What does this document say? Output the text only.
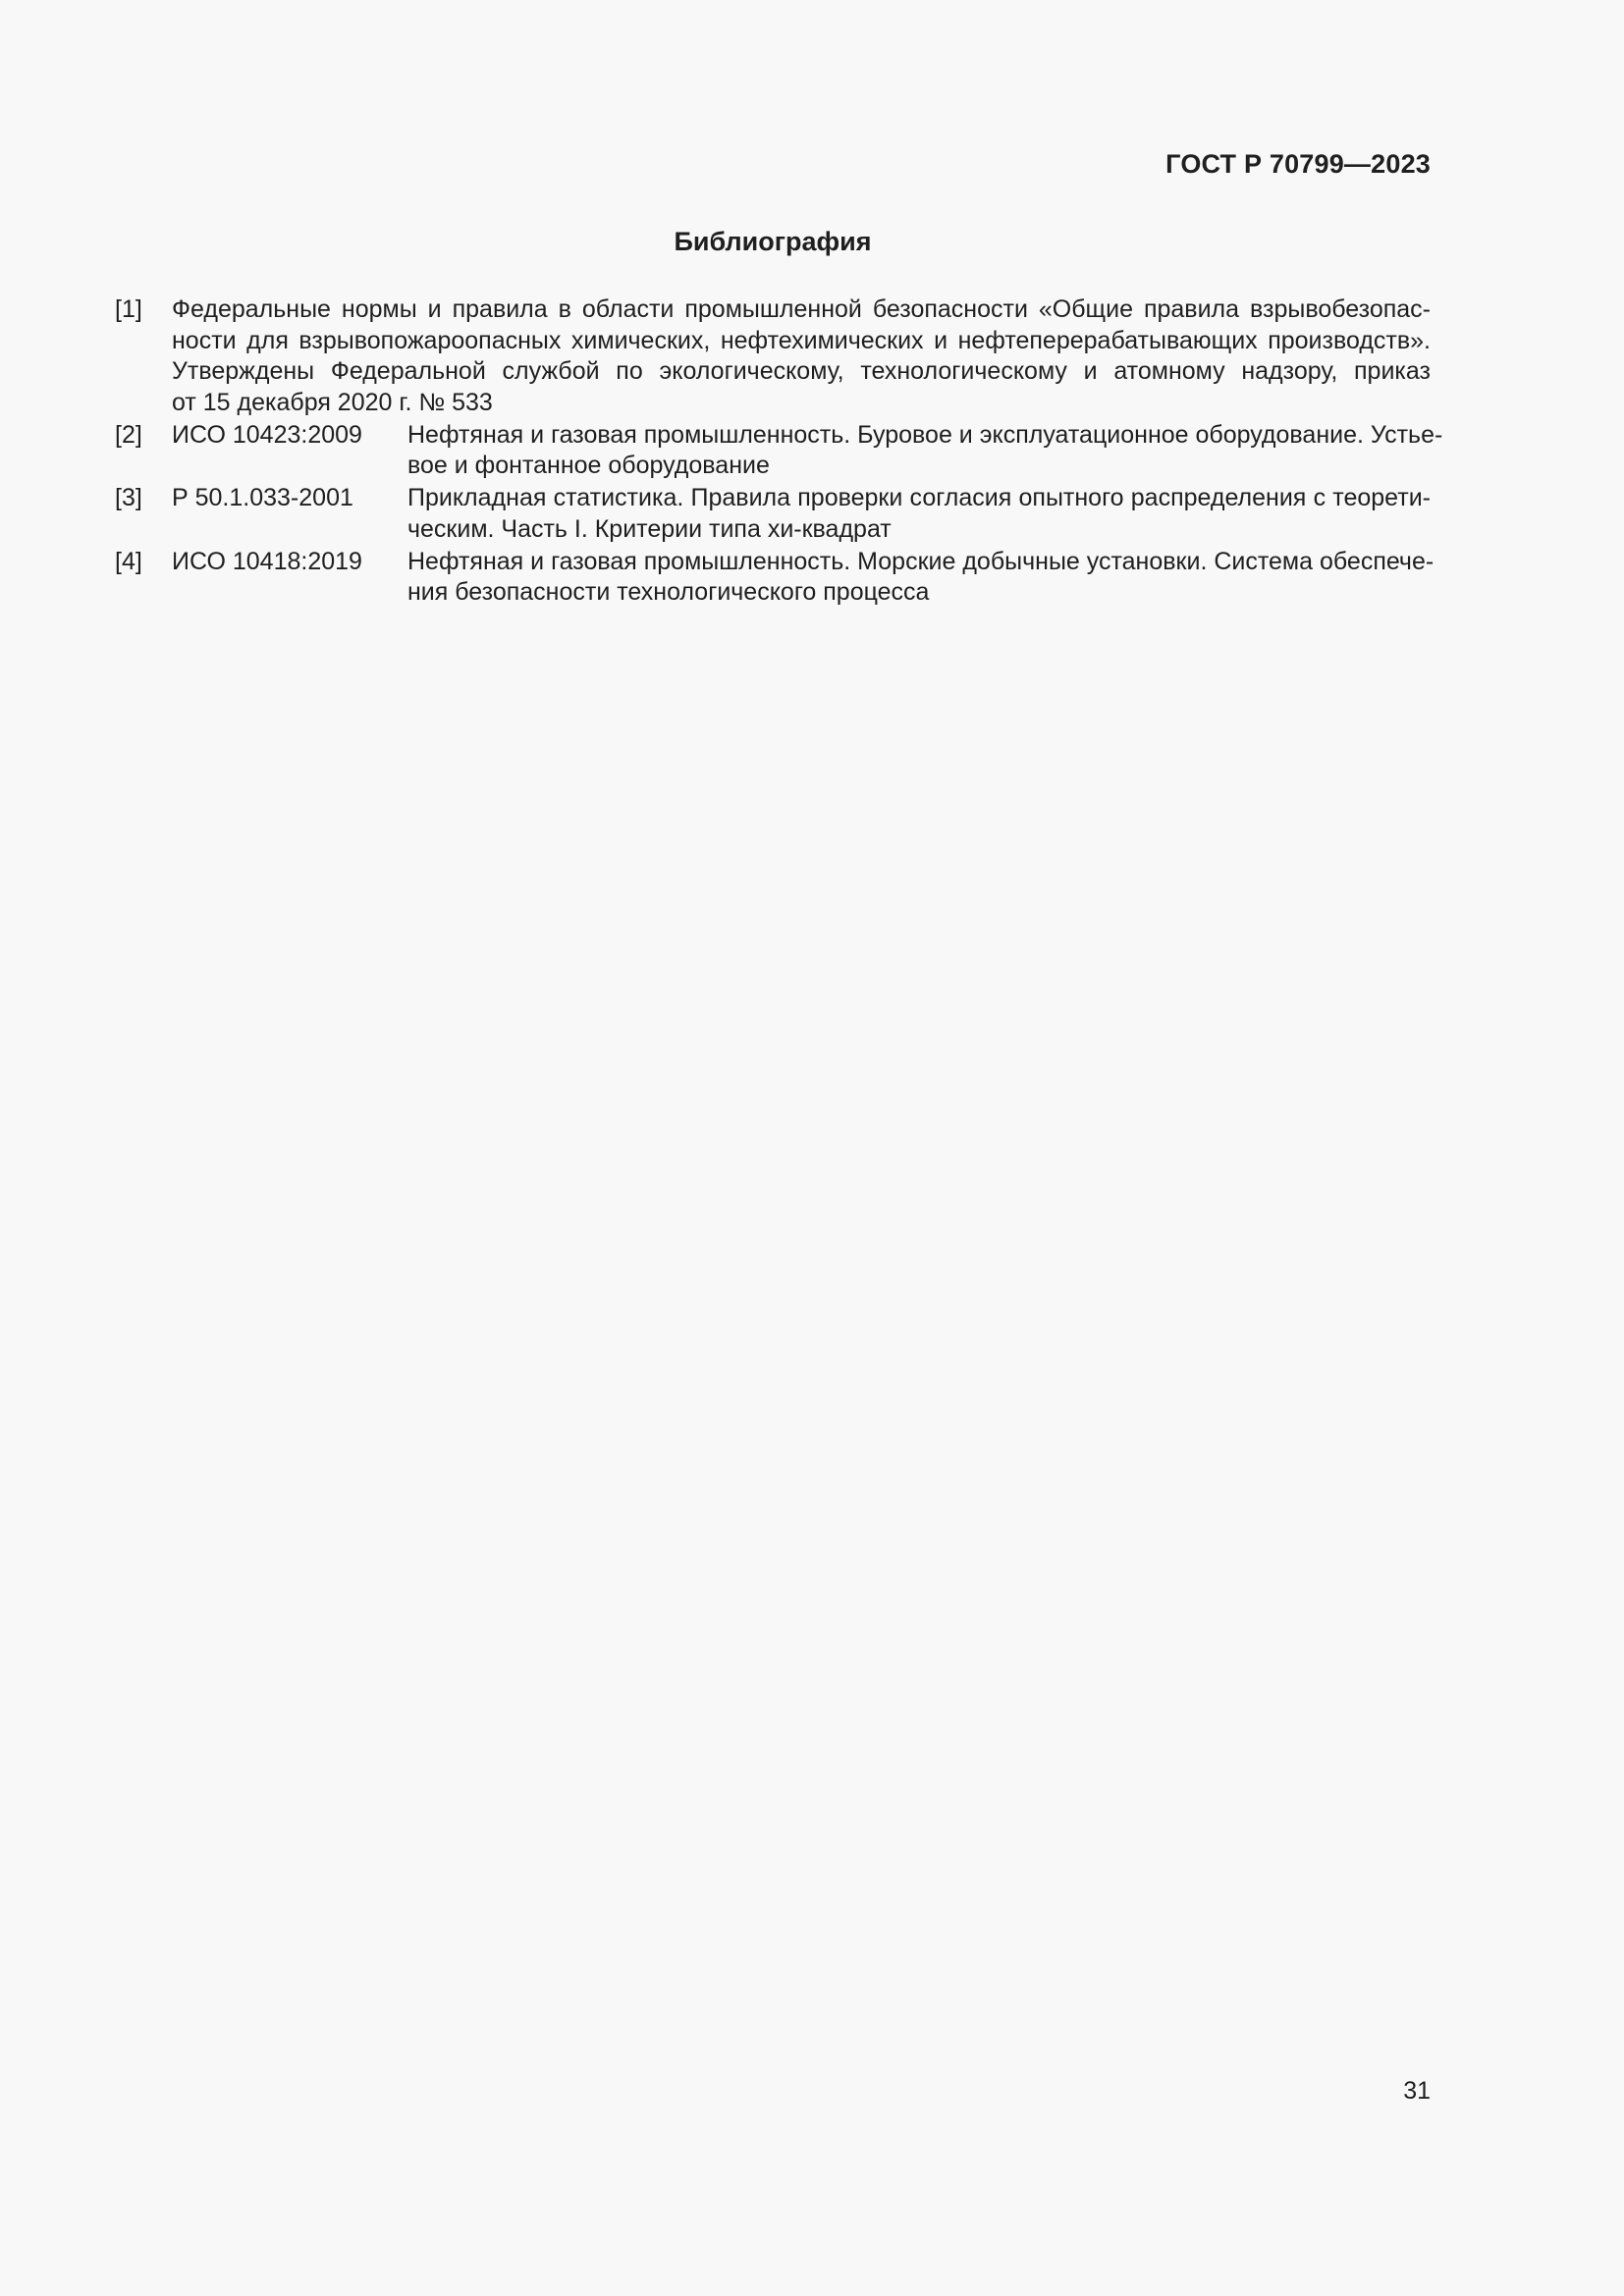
ГОСТ Р 70799—2023
Библиография
[1]	Федеральные нормы и правила в области промышленной безопасности «Общие правила взрывобезопас-
ности для взрывопожароопасных химических, нефтехимических и нефтеперерабатывающих производств».
Утверждены Федеральной службой по экологическому, технологическому и атомному надзору, приказ
от 15 декабря 2020 г. № 533
[2]	ИСО 10423:2009	Нефтяная и газовая промышленность. Буровое и эксплуатационное оборудование. Устье-
вое и фонтанное оборудование
[3]	Р 50.1.033-2001	Прикладная статистика. Правила проверки согласия опытного распределения с теорети-
ческим. Часть I. Критерии типа хи-квадрат
[4]	ИСО 10418:2019	Нефтяная и газовая промышленность. Морские добычные установки. Система обеспече-
ния безопасности технологического процесса
31
